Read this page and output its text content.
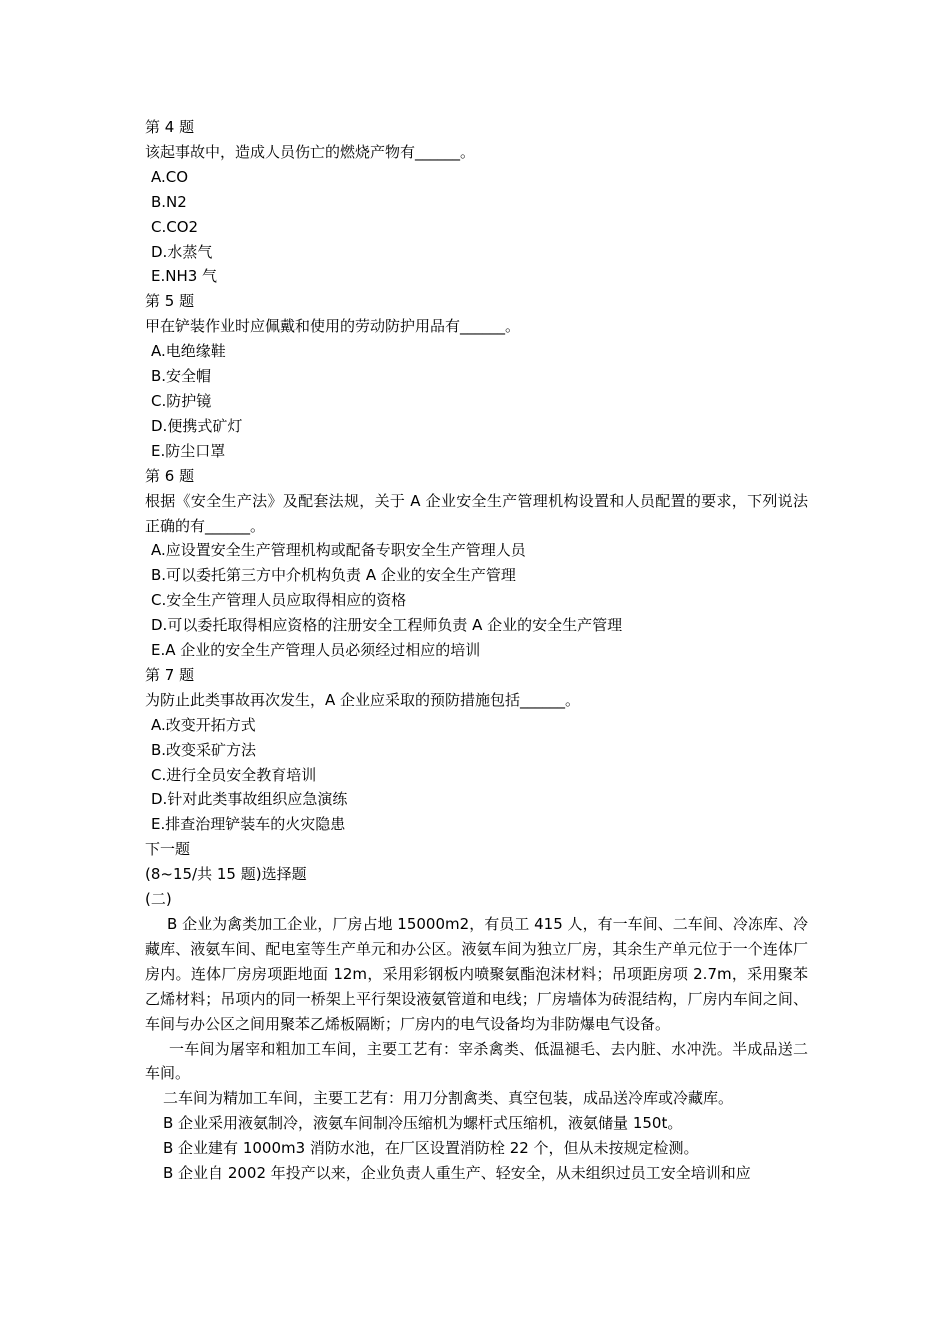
第 4 题
该起事故中，造成人员伤亡的燃烧产物有______。
A.CO
B.N2
C.CO2
D.水蒸气
E.NH3 气
第 5 题
甲在铲装作业时应佩戴和使用的劳动防护用品有______。
A.电绝缘鞋
B.安全帽
C.防护镜
D.便携式矿灯
E.防尘口罩
第 6 题
根据《安全生产法》及配套法规，关于 A 企业安全生产管理机构设置和人员配置的要求，下列说法正确的有______。
A.应设置安全生产管理机构或配备专职安全生产管理人员
B.可以委托第三方中介机构负责 A 企业的安全生产管理
C.安全生产管理人员应取得相应的资格
D.可以委托取得相应资格的注册安全工程师负责 A 企业的安全生产管理
E.A 企业的安全生产管理人员必须经过相应的培训
第 7 题
为防止此类事故再次发生，A 企业应采取的预防措施包括______。
A.改变开拓方式
B.改变采矿方法
C.进行全员安全教育培训
D.针对此类事故组织应急演练
E.排查治理铲装车的火灾隐患
下一题
(8~15/共 15 题)选择题
(二)

B 企业为禽类加工企业，厂房占地 15000m2，有员工 415 人，有一车间、二车间、冷冻库、冷藏库、液氨车间、配电室等生产单元和办公区。液氨车间为独立厂房，其余生产单元位于一个连体厂房内。连体厂房房项距地面 12m，采用彩钢板内喷聚氨酯泡沫材料；吊项距房项 2.7m，采用聚苯乙烯材料；吊项内的同一桥架上平行架设液氨管道和电线；厂房墙体为砖混结构，厂房内车间之间、车间与办公区之间用聚苯乙烯板隔断；厂房内的电气设备均为非防爆电气设备。

一车间为屠宰和粗加工车间，主要工艺有：宰杀禽类、低温褪毛、去内脏、水冲洗。半成品送二车间。

二车间为精加工车间，主要工艺有：用刀分割禽类、真空包装，成品送冷库或冷藏库。

B 企业采用液氨制冷，液氨车间制冷压缩机为螺杆式压缩机，液氨储量 150t。

B 企业建有 1000m3 消防水池，在厂区设置消防栓 22 个，但从未按规定检测。

B 企业自 2002 年投产以来，企业负责人重生产、轻安全，从未组织过员工安全培训和应
